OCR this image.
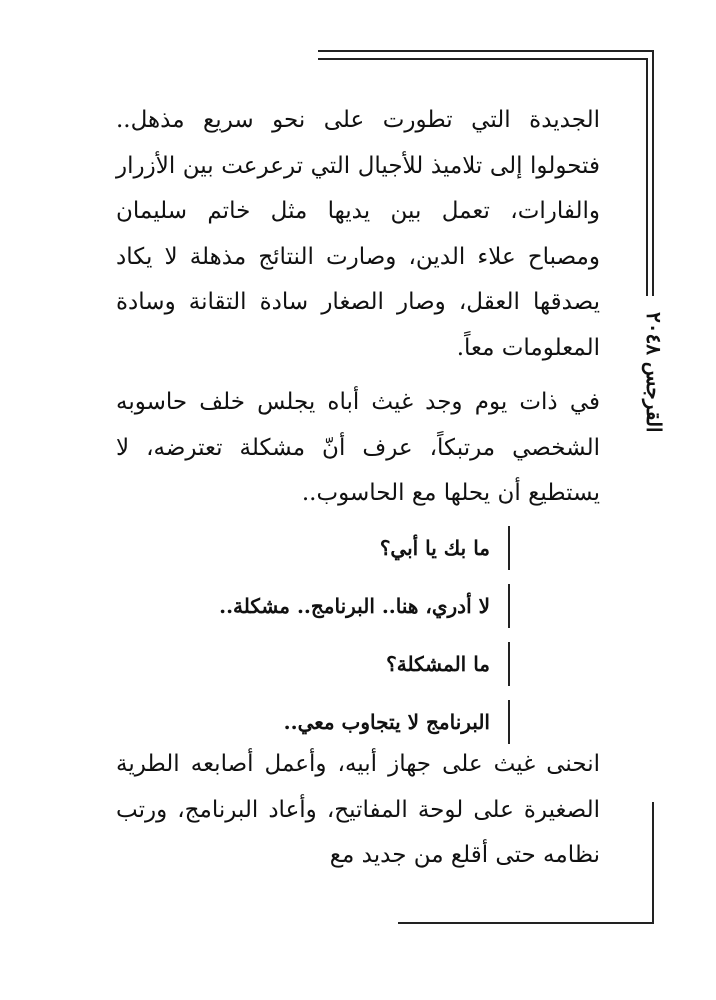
القرجس ٢٠٤٨

الجديدة التي تطورت على نحو سريع مذهل.. فتحولوا إلى تلاميذ للأجيال التي ترعرعت بين الأزرار والفارات، تعمل بين يديها مثل خاتم سليمان ومصباح علاء الدين، وصارت النتائج مذهلة لا يكاد يصدقها العقل، وصار الصغار سادة التقانة وسادة المعلومات معاً.

في ذات يوم وجد غيث أباه يجلس خلف حاسوبه الشخصي مرتبكاً، عرف أنّ مشكلة تعترضه، لا يستطيع أن يحلها مع الحاسوب..

ما بك يا أبي؟
لا أدري، هنا.. البرنامج.. مشكلة..
ما المشكلة؟
البرنامج لا يتجاوب معي..

انحنى غيث على جهاز أبيه، وأعمل أصابعه الطرية الصغيرة على لوحة المفاتيح، وأعاد البرنامج، ورتب نظامه حتى أقلع من جديد مع
